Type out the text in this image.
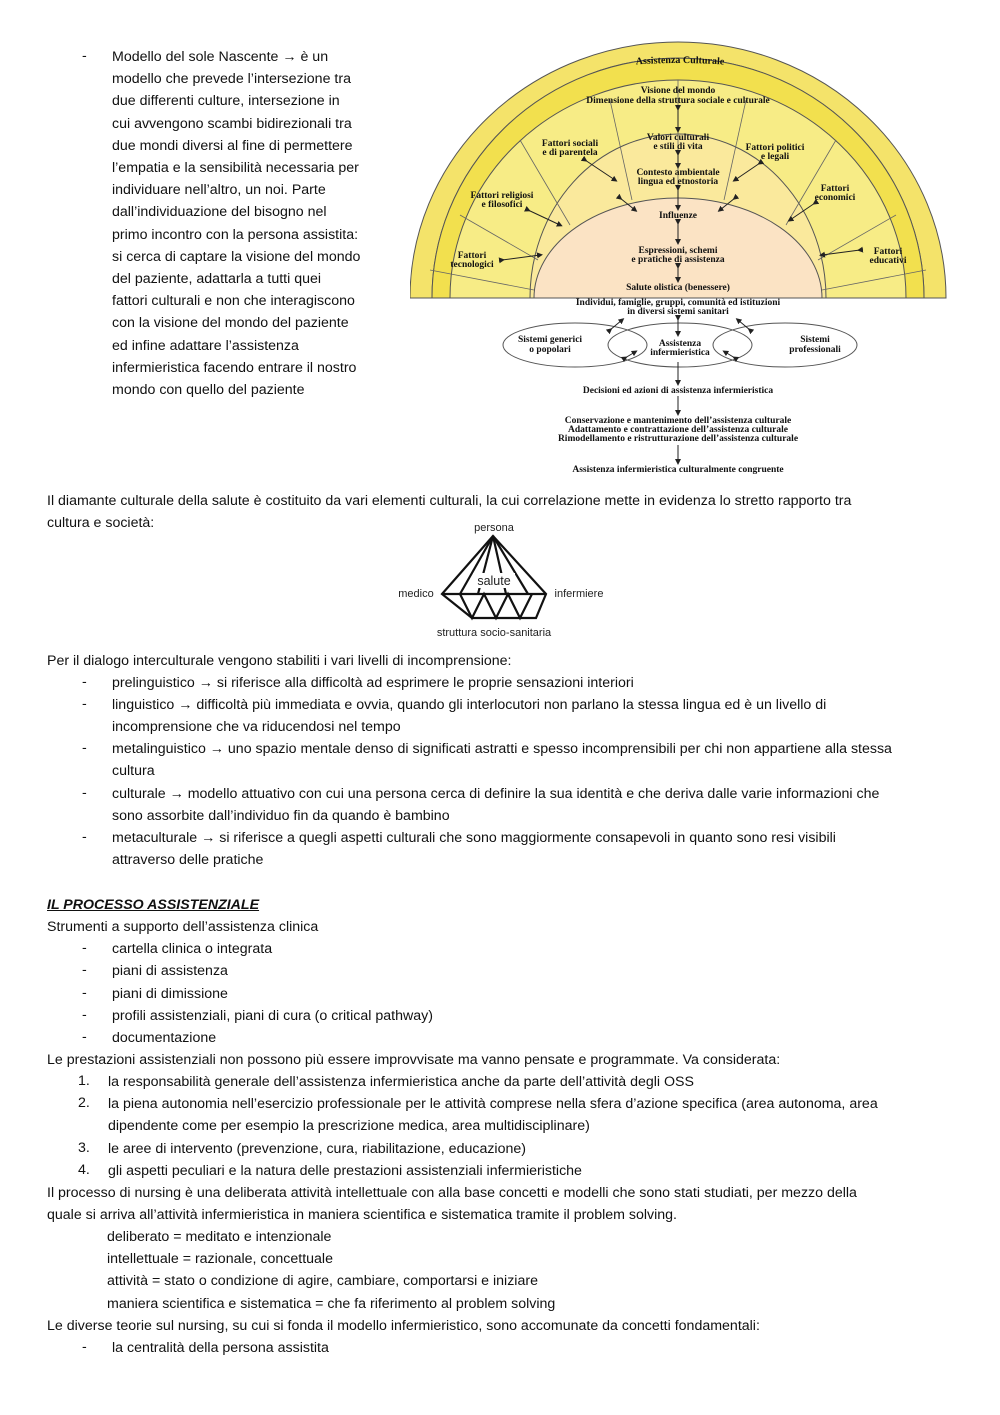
- Modello del sole Nascente → è un
modello che prevede l’intersezione tra
due differenti culture, intersezione in
cui avvengono scambi bidirezionali tra
due mondi diversi al fine di permettere
l’empatia e la sensibilità necessaria per
individuare nell’altro, un noi. Parte
dall’individuazione del bisogno nel
primo incontro con la persona assistita:
si cerca di captare la visione del mondo
del paziente, adattarla a tutti quei
fattori culturali e non che interagiscono
con la visione del mondo del paziente
ed infine adattare l’assistenza
infermieristica facendo entrare il nostro
mondo con quello del paziente
Assistenza Culturale
Visione del mondo
Dimensione della struttura sociale e culturale
Fattori sociali
e di parentela
Valori culturali
e stili di vita	Fattori politici
e legali
Contesto ambientale
lingua ed etnostoria
Fattori religiosi
e filosofici
Fattori
economici
Influenze
Fattori
tecnologici
Espressioni, schemi
e pratiche di assistenza
Fattori
educativi
Salute olistica (benessere)
Individui, famiglie, gruppi, comunità ed istituzioni
in diversi sistemi sanitari
Sistemi generici
o popolari
Assistenza
infermieristica
Sistemi
professionali
Decisioni ed azioni di assistenza infermieristica
Conservazione e mantenimento dell’assistenza culturale
Adattamento e contrattazione dell’assistenza culturale
Rimodellamento e ristrutturazione dell’assistenza culturale
Assistenza infermieristica culturalmente congruente
Il diamante culturale della salute è costituito da vari elementi culturali, la cui correlazione mette in evidenza lo stretto rapporto tra
cultura e società:	persona
salute
medico	infermiere
struttura socio-sanitaria
Per il dialogo interculturale vengono stabiliti i vari livelli di incomprensione:
- prelinguistico → si riferisce alla difficoltà ad esprimere le proprie sensazioni interiori
- linguistico → difficoltà più immediata e ovvia, quando gli interlocutori non parlano la stessa lingua ed è un livello di
incomprensione che va riducendosi nel tempo
- metalinguistico → uno spazio mentale denso di significati astratti e spesso incomprensibili per chi non appartiene alla stessa
cultura
- culturale → modello attuativo con cui una persona cerca di definire la sua identità e che deriva dalle varie informazioni che
sono assorbite dall’individuo fin da quando è bambino
- metaculturale → si riferisce a quegli aspetti culturali che sono maggiormente consapevoli in quanto sono resi visibili
attraverso delle pratiche
IL PROCESSO ASSISTENZIALE
Strumenti a supporto dell’assistenza clinica
- cartella clinica o integrata
- piani di assistenza
- piani di dimissione
- profili assistenziali, piani di cura (o critical pathway)
- documentazione
Le prestazioni assistenziali non possono più essere improvvisate ma vanno pensate e programmate. Va considerata:
1. la responsabilità generale dell’assistenza infermieristica anche da parte dell’attività degli OSS
2. la piena autonomia nell’esercizio professionale per le attività comprese nella sfera d’azione specifica (area autonoma, area
dipendente come per esempio la prescrizione medica, area multidisciplinare)
3. le aree di intervento (prevenzione, cura, riabilitazione, educazione)
4. gli aspetti peculiari e la natura delle prestazioni assistenziali infermieristiche
Il processo di nursing è una deliberata attività intellettuale con alla base concetti e modelli che sono stati studiati, per mezzo della
quale si arriva all’attività infermieristica in maniera scientifica e sistematica tramite il problem solving.
deliberato = meditato e intenzionale
intellettuale = razionale, concettuale
attività = stato o condizione di agire, cambiare, comportarsi e iniziare
maniera scientifica e sistematica = che fa riferimento al problem solving
Le diverse teorie sul nursing, su cui si fonda il modello infermieristico, sono accomunate da concetti fondamentali:
- la centralità della persona assistita
